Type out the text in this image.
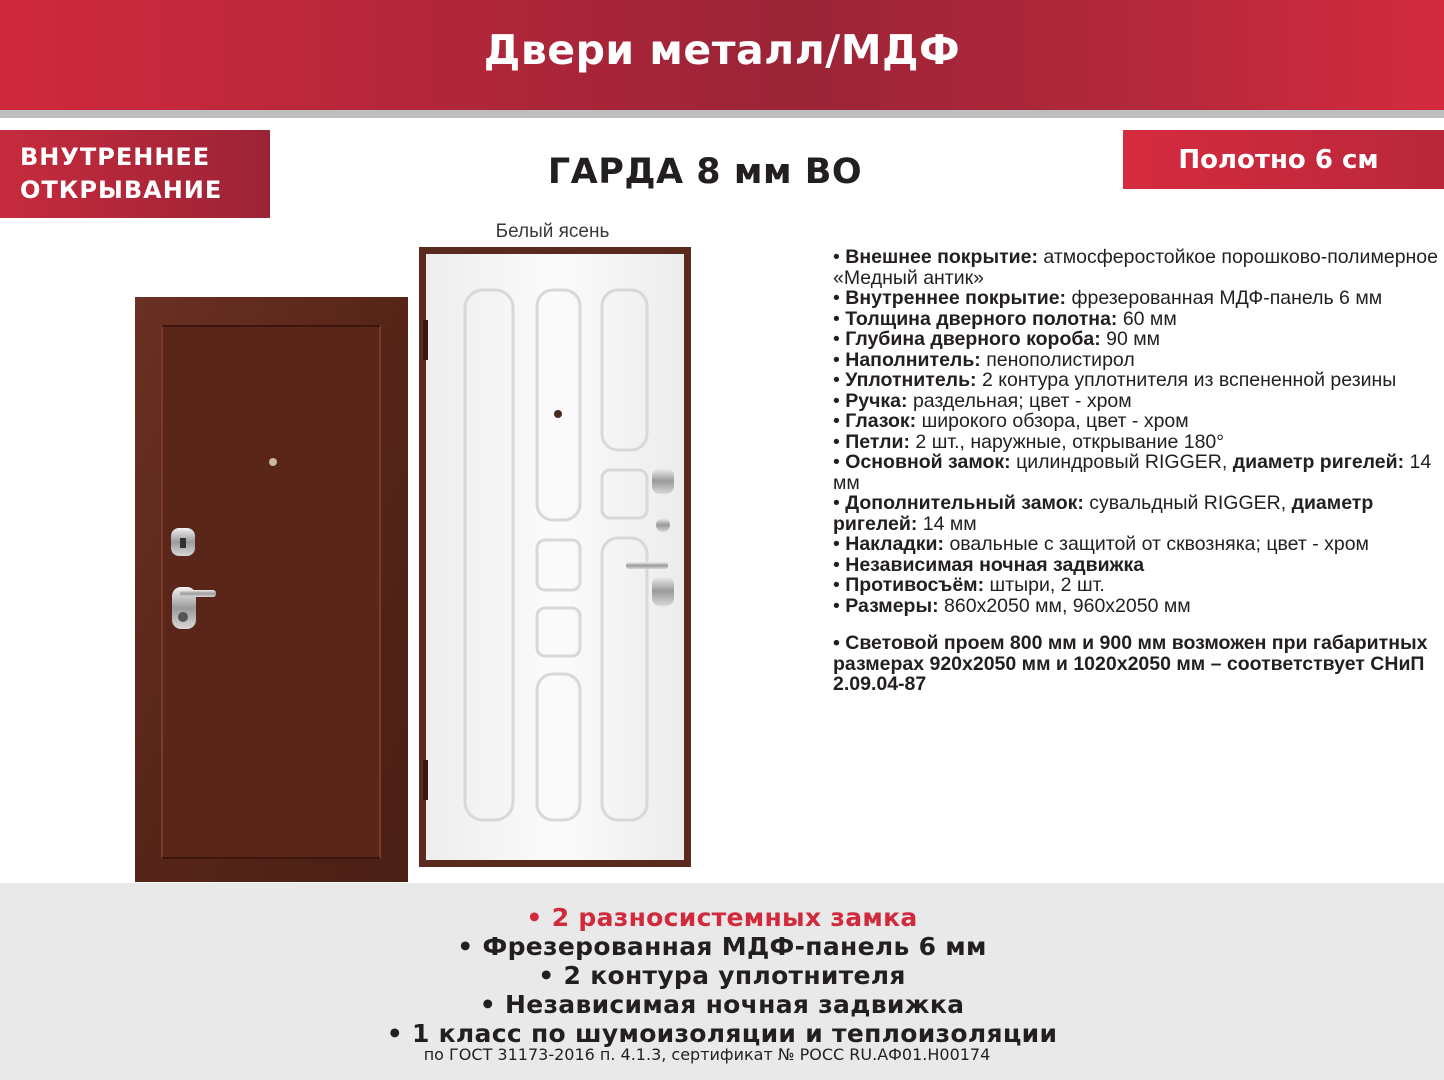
Двери металл/МДФ
ВНУТРЕННЕЕ
ОТКРЫВАНИЕ	ГАРДА 8 мм ВО	Полотно 6 см
Белый ясень
• Внешнее покрытие: атмосферостойкое порошково-полимерное «Медный антик»
• Внутреннее покрытие: фрезерованная МДФ-панель 6 мм
• Толщина дверного полотна: 60 мм
• Глубина дверного короба: 90 мм
• Наполнитель: пенополистирол
• Уплотнитель: 2 контура уплотнителя из вспененной резины
• Ручка: раздельная; цвет - хром
• Глазок: широкого обзора, цвет - хром
• Петли: 2 шт., наружные, открывание 180°
• Основной замок: цилиндровый RIGGER, диаметр ригелей: 14 мм
• Дополнительный замок: сувальдный RIGGER, диаметр ригелей: 14 мм
• Накладки: овальные с защитой от сквозняка; цвет - хром
• Независимая ночная задвижка
• Противосъём: штыри, 2 шт.
• Размеры: 860х2050 мм, 960х2050 мм
• Световой проем 800 мм и 900 мм возможен при габаритных размерах 920х2050 мм и 1020х2050 мм – соответствует СНиП 2.09.04-87
• 2 разносистемных замка
• Фрезерованная МДФ-панель 6 мм
• 2 контура уплотнителя
• Независимая ночная задвижка
• 1 класс по шумоизоляции и теплоизоляции
по ГОСТ 31173-2016 п. 4.1.3, сертификат № РОСС RU.АФ01.Н00174
